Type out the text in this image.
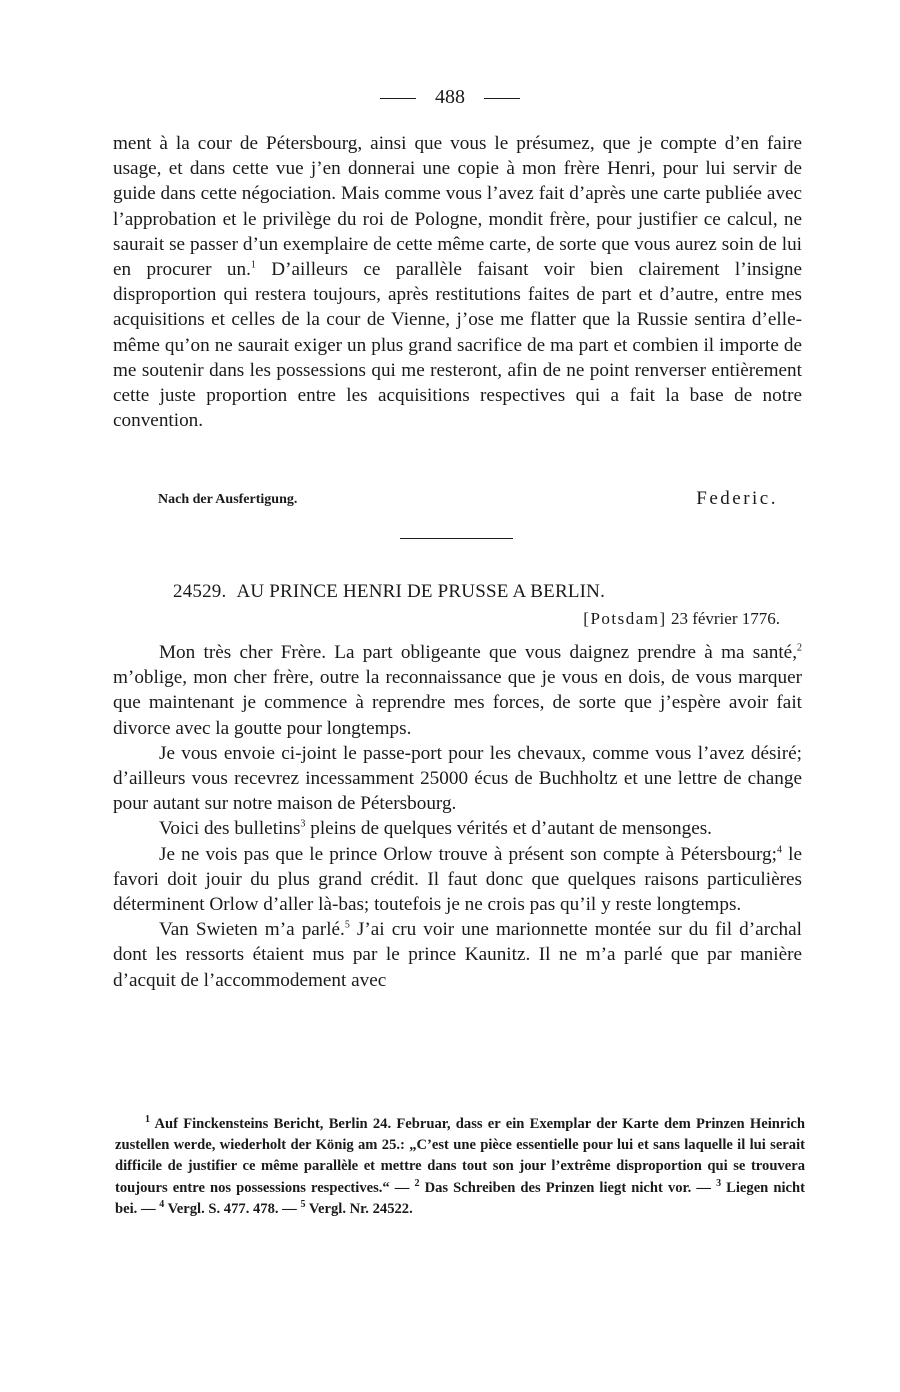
488

ment à la cour de Pétersbourg, ainsi que vous le présumez, que je compte d’en faire usage, et dans cette vue j’en donnerai une copie à mon frère Henri, pour lui servir de guide dans cette négociation. Mais comme vous l’avez fait d’après une carte publiée avec l’approbation et le privilège du roi de Pologne, mondit frère, pour justifier ce calcul, ne saurait se passer d’un exemplaire de cette même carte, de sorte que vous aurez soin de lui en procurer un.$^1$ D’ailleurs ce parallèle faisant voir bien clairement l’insigne disproportion qui restera toujours, après restitutions faites de part et d’autre, entre mes acquisitions et celles de la cour de Vienne, j’ose me flatter que la Russie sentira d’elle-même qu’on ne saurait exiger un plus grand sacrifice de ma part et combien il importe de me soutenir dans les possessions qui me resteront, afin de ne point renverser entièrement cette juste proportion entre les acquisitions respectives qui a fait la base de notre convention.

Nach der Ausfertigung.	Federic.
24529. AU PRINCE HENRI DE PRUSSE A BERLIN.
[Potsdam] 23 février 1776.

Mon très cher Frère. La part obligeante que vous daignez prendre à ma santé,$^2$ m’oblige, mon cher frère, outre la reconnaissance que je vous en dois, de vous marquer que maintenant je commence à reprendre mes forces, de sorte que j’espère avoir fait divorce avec la goutte pour longtemps.

Je vous envoie ci-joint le passe-port pour les chevaux, comme vous l’avez désiré; d’ailleurs vous recevrez incessamment 25000 écus de Buchholtz et une lettre de change pour autant sur notre maison de Pétersbourg.

Voici des bulletins$^3$ pleins de quelques vérités et d’autant de mensonges.

Je ne vois pas que le prince Orlow trouve à présent son compte à Pétersbourg;$^4$ le favori doit jouir du plus grand crédit. Il faut donc que quelques raisons particulières déterminent Orlow d’aller là-bas; toutefois je ne crois pas qu’il y reste longtemps.

Van Swieten m’a parlé.$^5$ J’ai cru voir une marionnette montée sur du fil d’archal dont les ressorts étaient mus par le prince Kaunitz. Il ne m’a parlé que par manière d’acquit de l’accommodement avec

$^1$ Auf Finckensteins Bericht, Berlin 24. Februar, dass er ein Exemplar der Karte dem Prinzen Heinrich zustellen werde, wiederholt der König am 25.: „C’est une pièce essentielle pour lui et sans laquelle il lui serait difficile de justifier ce même parallèle et mettre dans tout son jour l’extrême disproportion qui se trouvera toujours entre nos possessions respectives.“ — $^2$ Das Schreiben des Prinzen liegt nicht vor. — $^3$ Liegen nicht bei. — $^4$ Vergl. S. 477. 478. — $^5$ Vergl. Nr. 24522.
